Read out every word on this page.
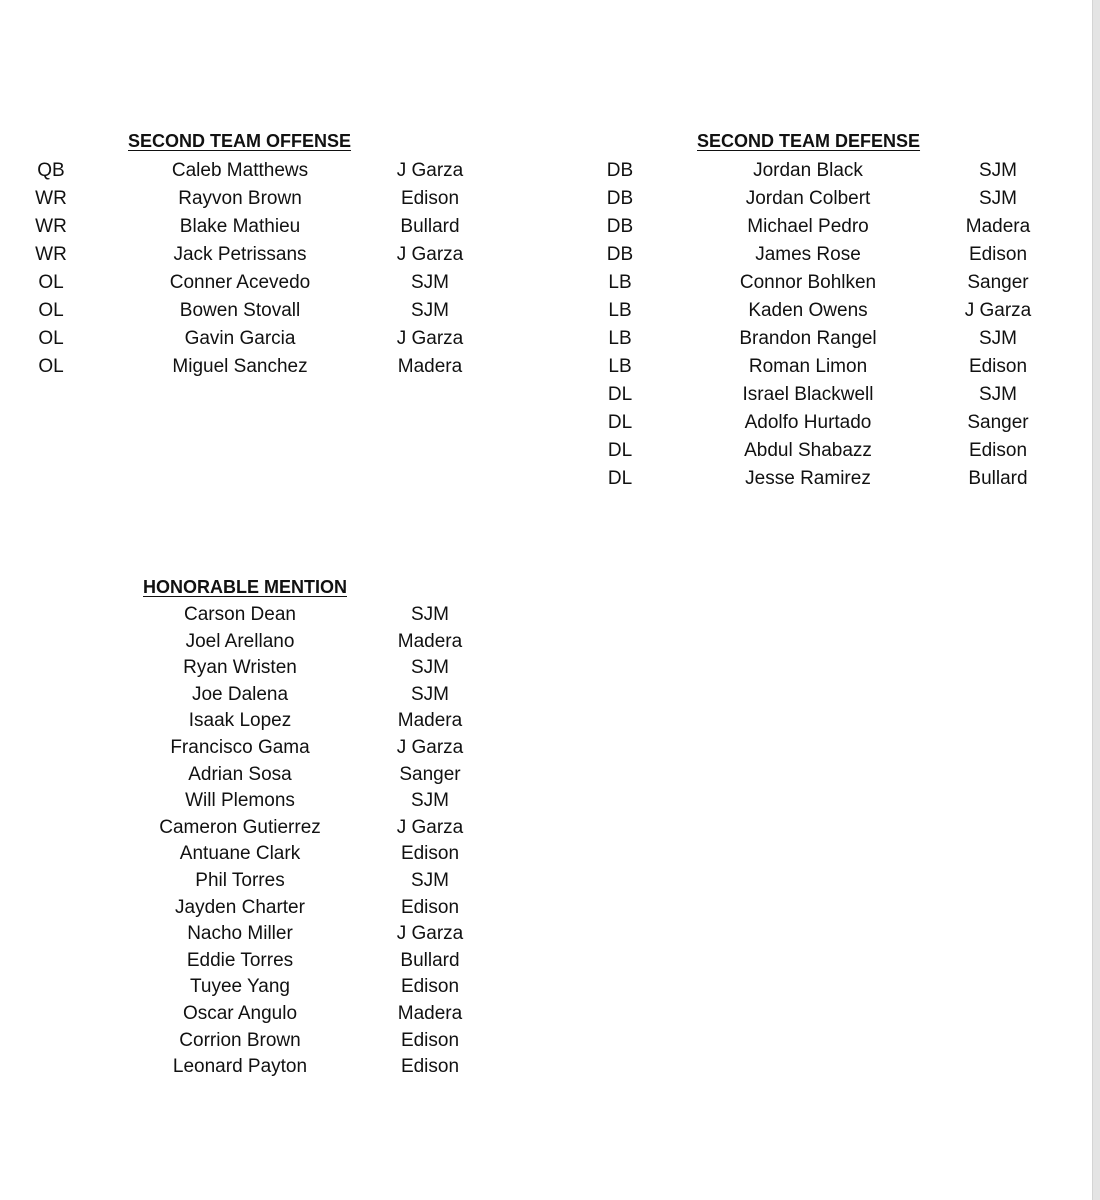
SECOND TEAM OFFENSE
QB
WR
WR
WR
OL
OL
OL
OL
Caleb Matthews
Rayvon Brown
Blake Mathieu
Jack Petrissans
Conner Acevedo
Bowen Stovall
Gavin Garcia
Miguel Sanchez
J Garza
Edison
Bullard
J Garza
SJM
SJM
J Garza
Madera
SECOND TEAM DEFENSE
DB
DB
DB
DB
LB
LB
LB
LB
DL
DL
DL
DL
Jordan Black
Jordan Colbert
Michael Pedro
James Rose
Connor Bohlken
Kaden Owens
Brandon Rangel
Roman Limon
Israel Blackwell
Adolfo Hurtado
Abdul Shabazz
Jesse Ramirez
SJM
SJM
Madera
Edison
Sanger
J Garza
SJM
Edison
SJM
Sanger
Edison
Bullard
HONORABLE MENTION
Carson Dean
Joel Arellano
Ryan Wristen
Joe Dalena
Isaak Lopez
Francisco Gama
Adrian Sosa
Will Plemons
Cameron Gutierrez
Antuane Clark
Phil Torres
Jayden Charter
Nacho Miller
Eddie Torres
Tuyee Yang
Oscar Angulo
Corrion Brown
Leonard Payton
SJM
Madera
SJM
SJM
Madera
J Garza
Sanger
SJM
J Garza
Edison
SJM
Edison
J Garza
Bullard
Edison
Madera
Edison
Edison
